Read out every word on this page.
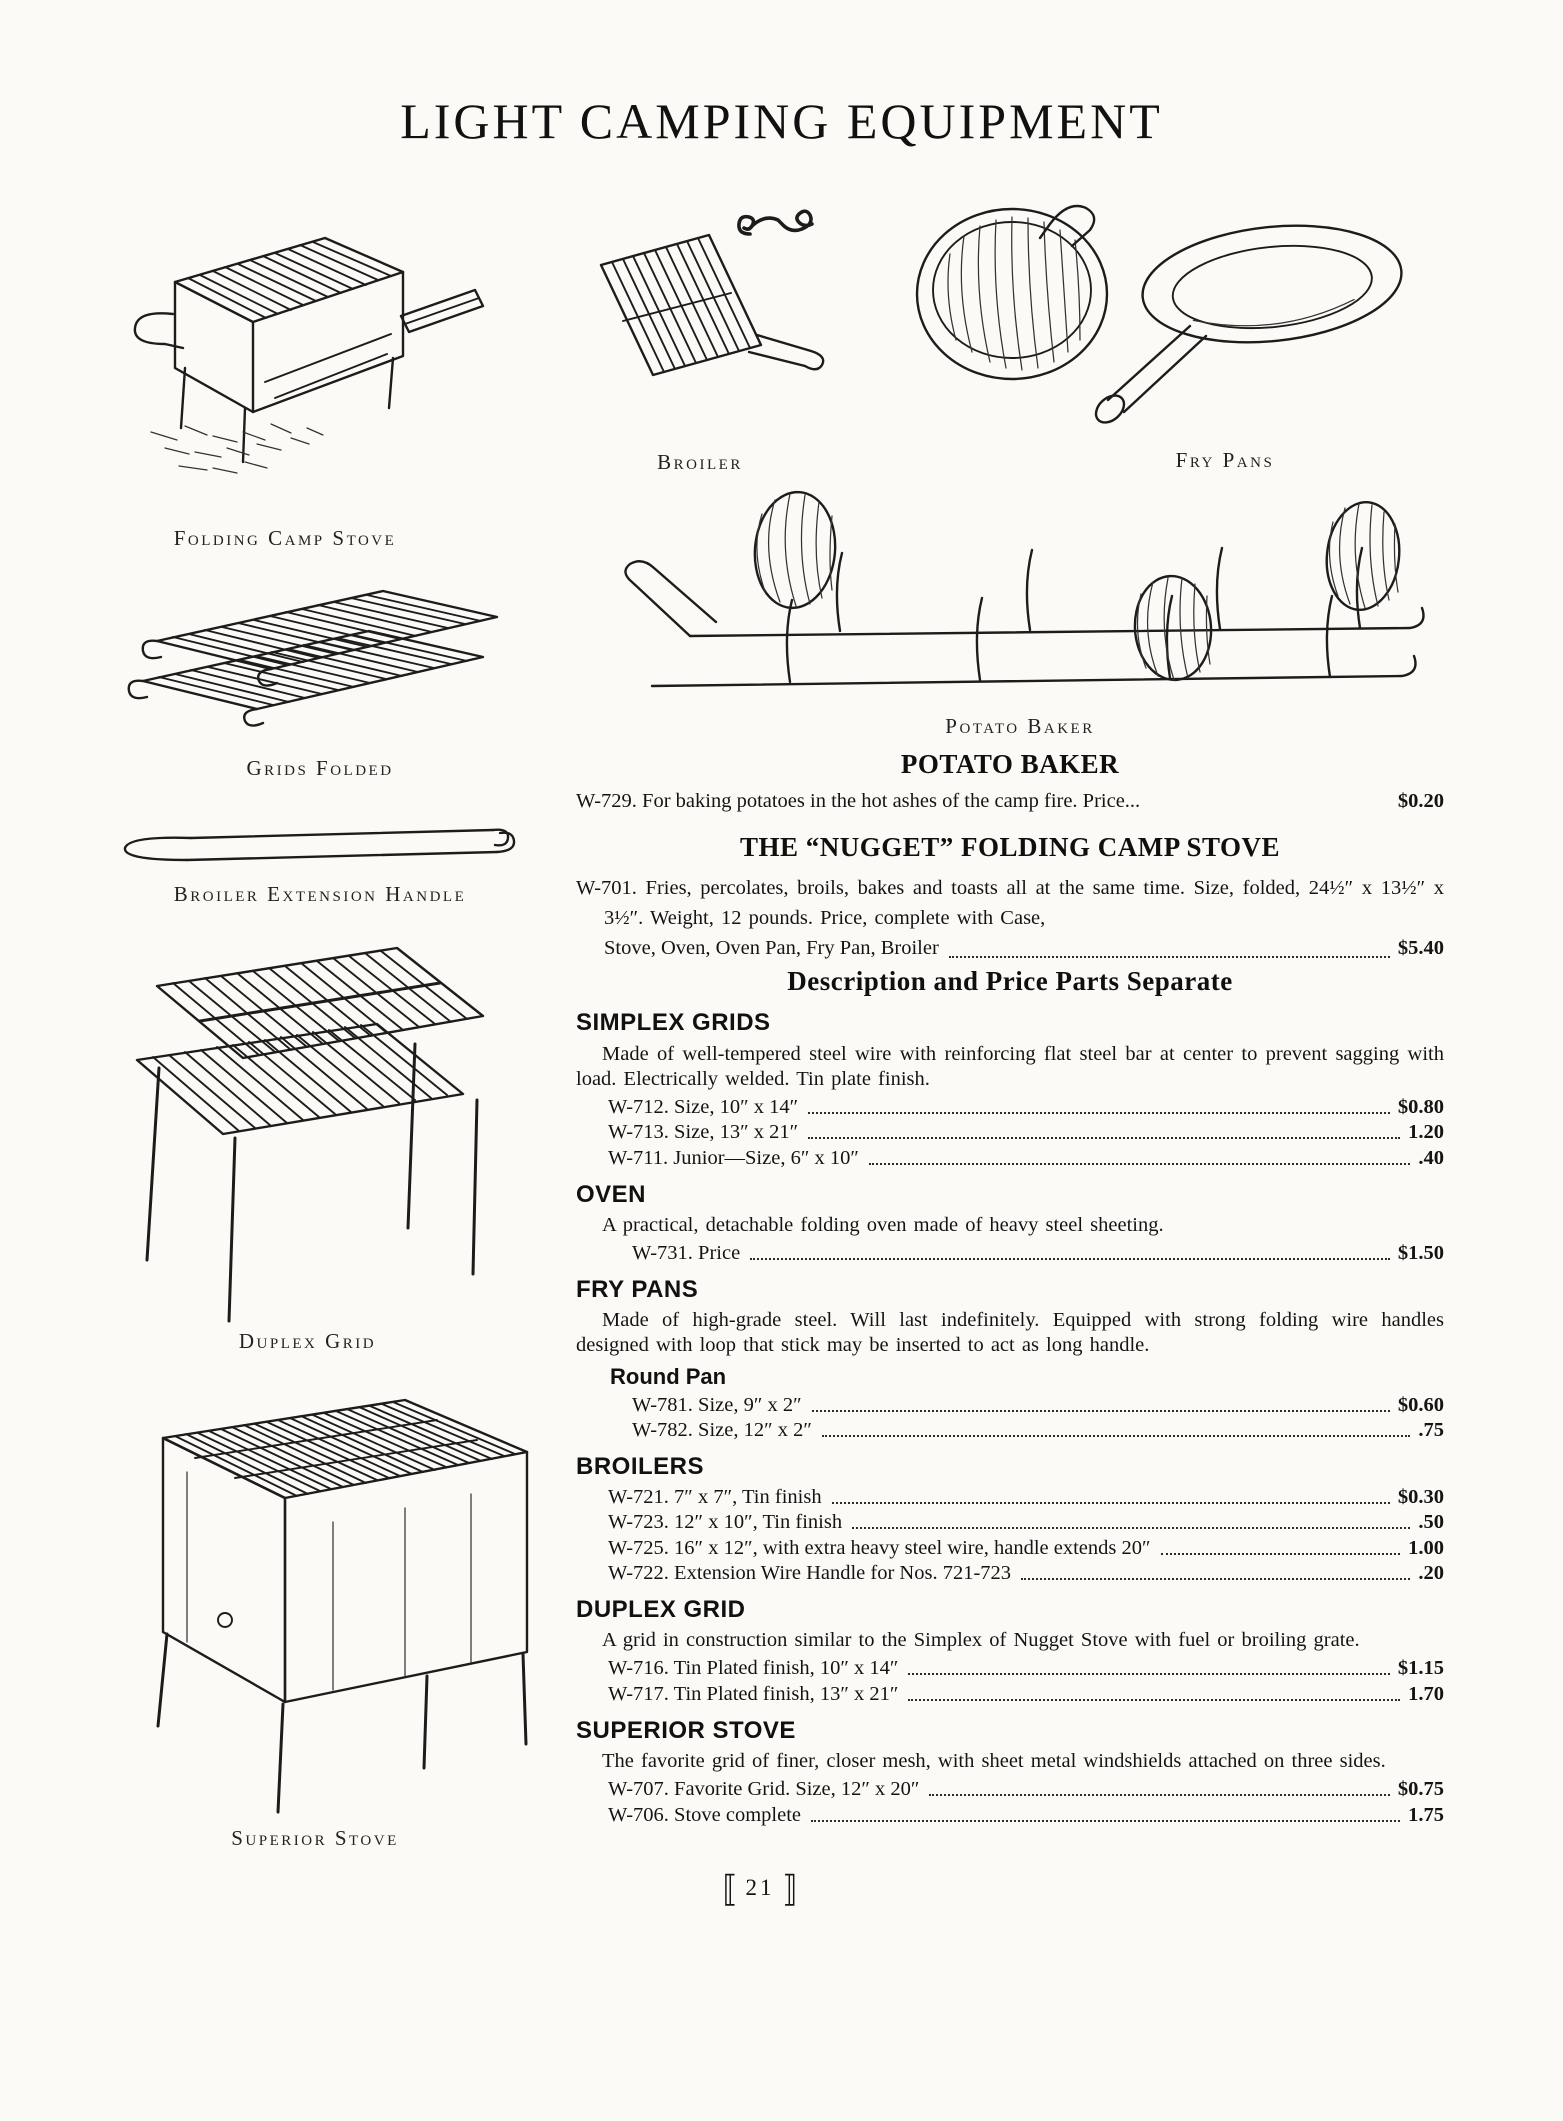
LIGHT CAMPING EQUIPMENT
Folding Camp Stove
Grids Folded
Broiler Extension Handle
Duplex Grid
Superior Stove
Broiler	Fry Pans
Potato Baker
POTATO BAKER
W-729. For baking potatoes in the hot ashes of the camp fire. Price...	$0.20
THE “NUGGET” FOLDING CAMP STOVE

W-701. Fries, percolates, broils, bakes and toasts all at the same time. Size, folded, 24½″ x 13½″ x 3½″. Weight, 12 pounds. Price, complete with Case,

Stove, Oven, Oven Pan, Fry Pan, Broiler	$5.40
Description and Price Parts Separate
SIMPLEX GRIDS

Made of well-tempered steel wire with reinforcing flat steel bar at center to prevent sagging with load. Electrically welded. Tin plate finish.

W-712. Size, 10″ x 14″	$0.80
W-713. Size, 13″ x 21″	1.20
W-711. Junior—Size, 6″ x 10″	.40
OVEN

A practical, detachable folding oven made of heavy steel sheeting.

W-731. Price	$1.50
FRY PANS

Made of high-grade steel. Will last indefinitely. Equipped with strong folding wire handles designed with loop that stick may be inserted to act as long handle.

Round Pan
W-781. Size, 9″ x 2″	$0.60
W-782. Size, 12″ x 2″	.75
BROILERS
W-721. 7″ x 7″, Tin finish	$0.30
W-723. 12″ x 10″, Tin finish	.50
W-725. 16″ x 12″, with extra heavy steel wire, handle extends 20″	1.00
W-722. Extension Wire Handle for Nos. 721-723	.20
DUPLEX GRID

A grid in construction similar to the Simplex of Nugget Stove with fuel or broiling grate.

W-716. Tin Plated finish, 10″ x 14″	$1.15
W-717. Tin Plated finish, 13″ x 21″	1.70
SUPERIOR STOVE

The favorite grid of finer, closer mesh, with sheet metal windshields attached on three sides.

W-707. Favorite Grid. Size, 12″ x 20″	$0.75
W-706. Stove complete	1.75
⟦ 21 ⟧
